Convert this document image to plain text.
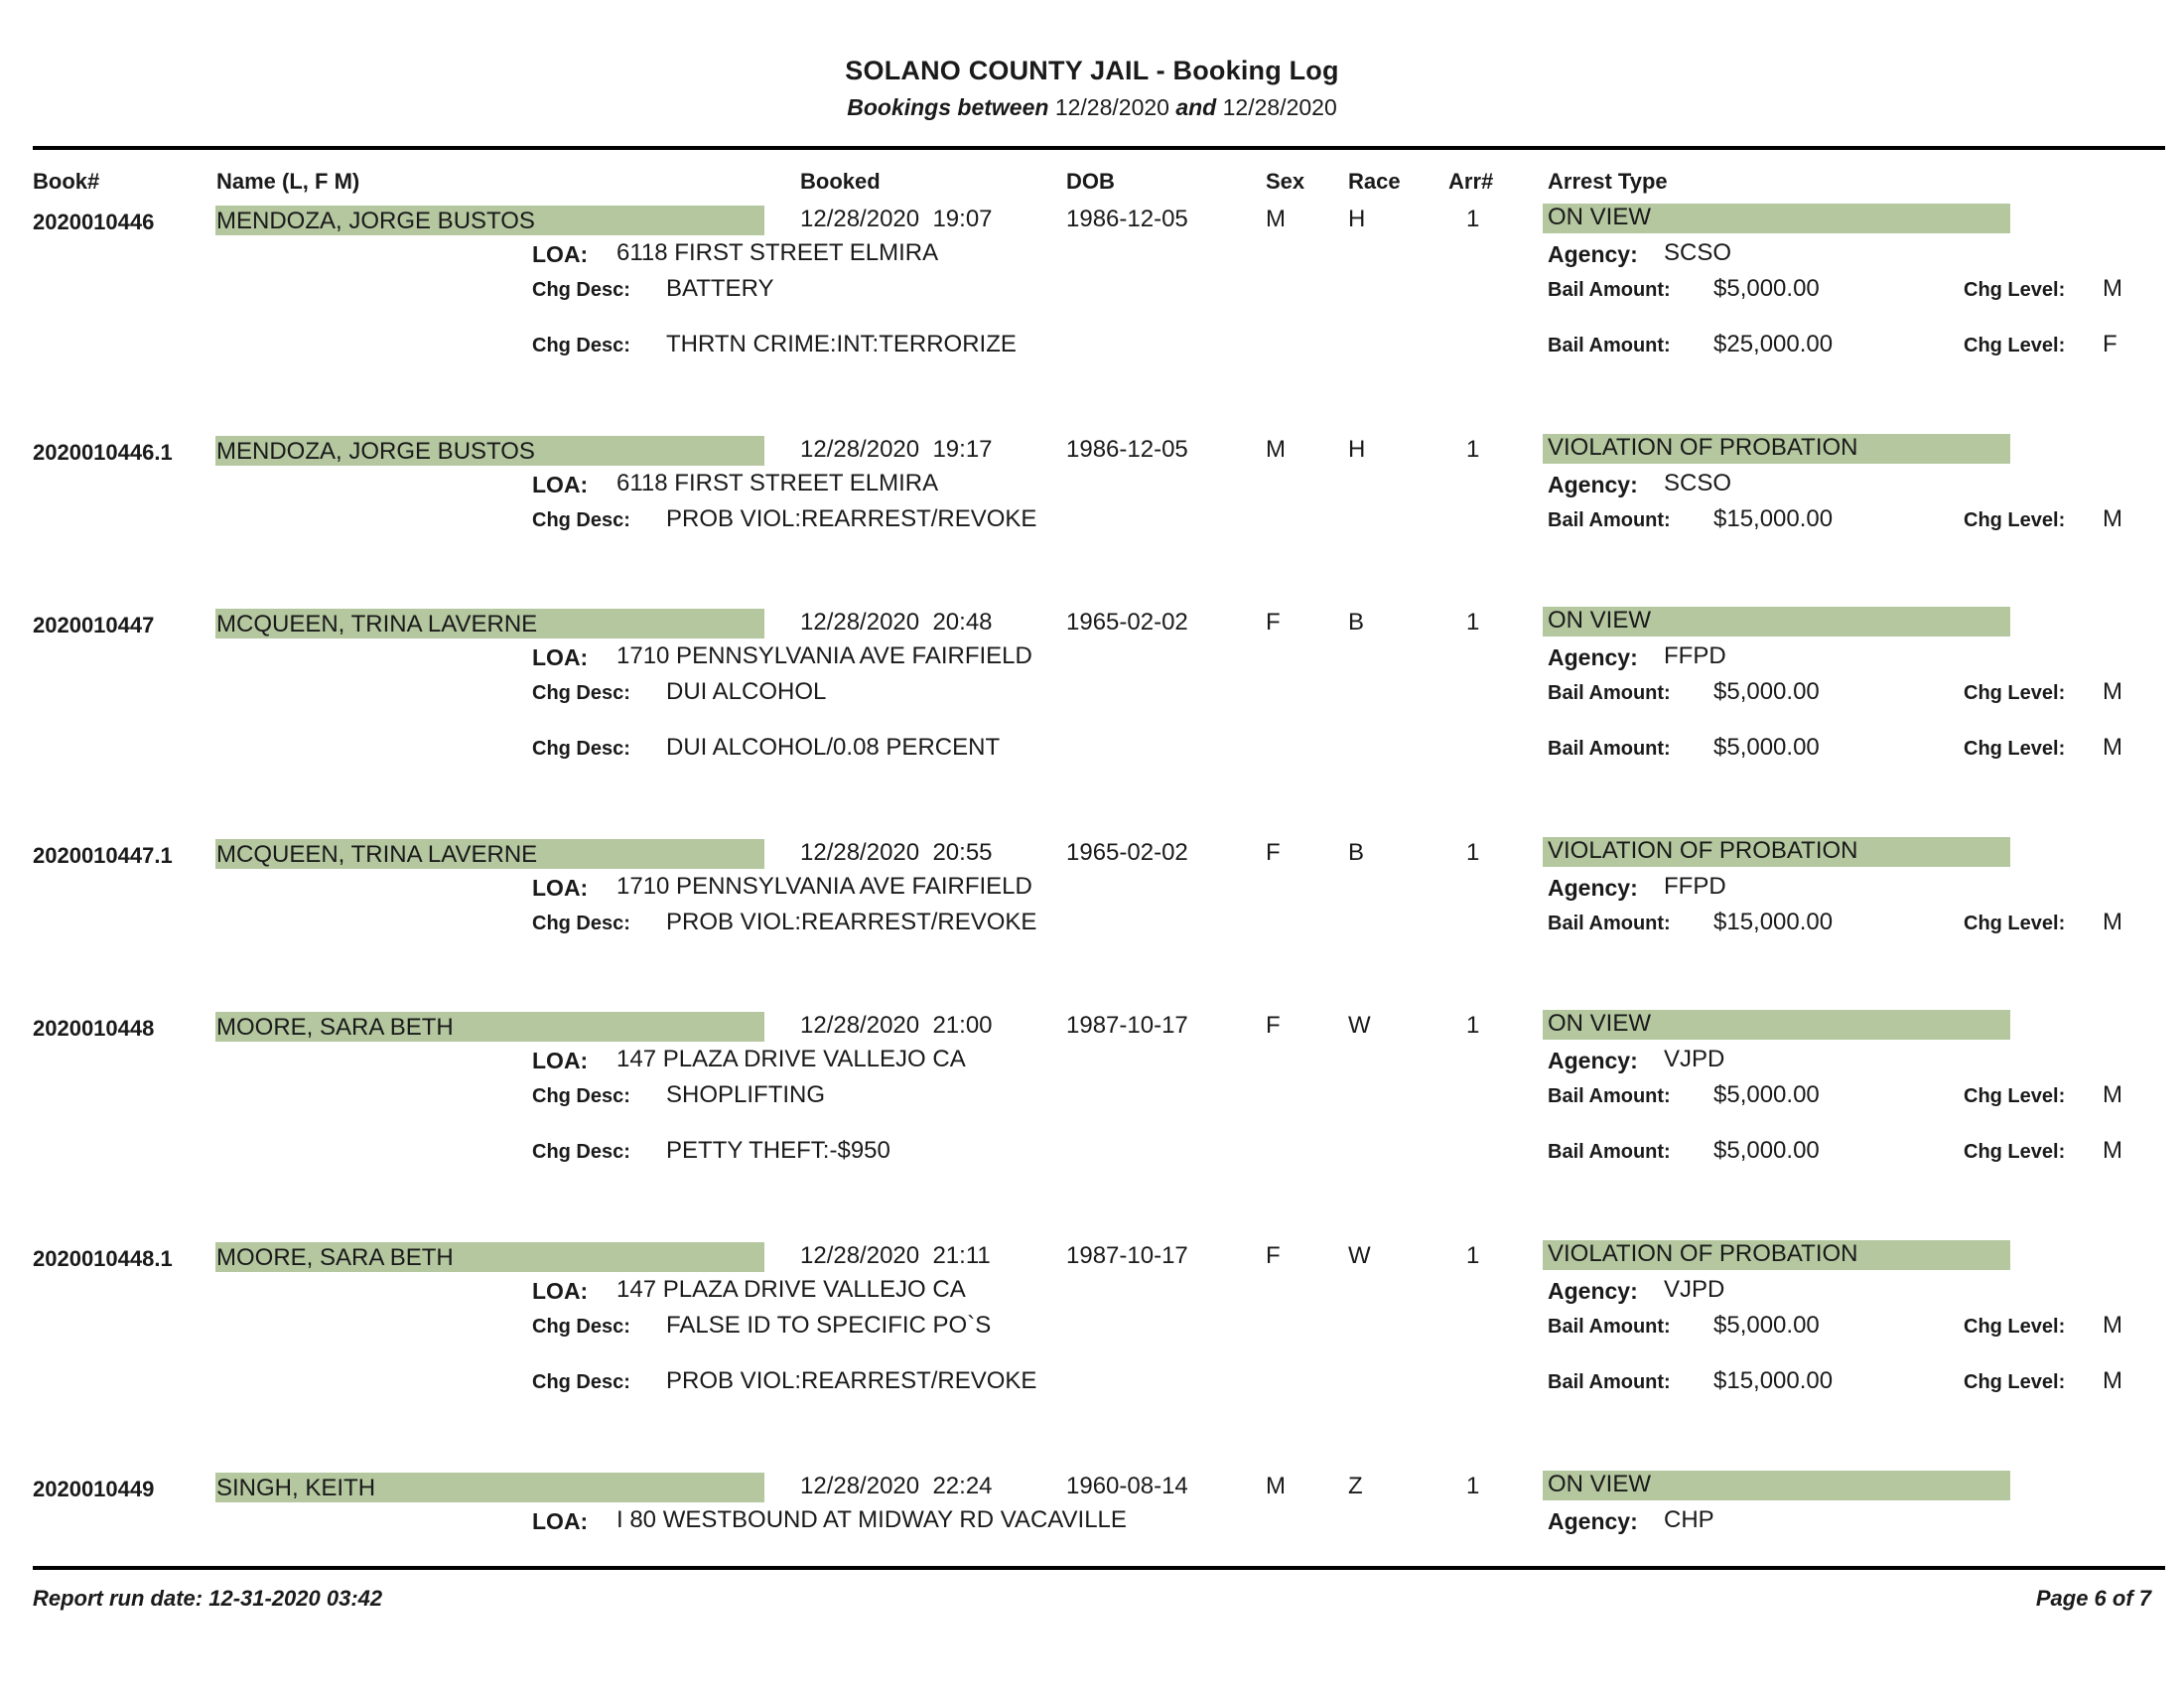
SOLANO COUNTY JAIL - Booking Log
Bookings between 12/28/2020 and 12/28/2020
Book#	Name (L, F M)	Booked	DOB	Sex Race Arr# Arrest Type
2020010446	MENDOZA, JORGE BUSTOS	12/28/2020  19:07	1986-12-05	M	H	1	ON VIEW
LOA: 6118 FIRST STREET ELMIRA	Agency: SCSO
Chg Desc: BATTERY	Bail Amount: $5,000.00	Chg Level: M
Chg Desc: THRTN CRIME:INT:TERRORIZE	Bail Amount: $25,000.00	Chg Level: F
2020010446.1 MENDOZA, JORGE BUSTOS	12/28/2020  19:17	1986-12-05	M	H	1	VIOLATION OF PROBATION
LOA: 6118 FIRST STREET ELMIRA	Agency: SCSO
Chg Desc: PROB VIOL:REARREST/REVOKE	Bail Amount: $15,000.00	Chg Level: M
2020010447	MCQUEEN, TRINA LAVERNE	12/28/2020  20:48	1965-02-02	F	B	1	ON VIEW
LOA: 1710 PENNSYLVANIA AVE FAIRFIELD	Agency: FFPD
Chg Desc: DUI ALCOHOL	Bail Amount: $5,000.00	Chg Level: M
Chg Desc: DUI ALCOHOL/0.08 PERCENT	Bail Amount: $5,000.00	Chg Level: M
2020010447.1 MCQUEEN, TRINA LAVERNE	12/28/2020  20:55	1965-02-02	F	B	1	VIOLATION OF PROBATION
LOA: 1710 PENNSYLVANIA AVE FAIRFIELD	Agency: FFPD
Chg Desc: PROB VIOL:REARREST/REVOKE	Bail Amount: $15,000.00	Chg Level: M
2020010448	MOORE, SARA BETH	12/28/2020  21:00	1987-10-17	F	W	1	ON VIEW
LOA: 147 PLAZA DRIVE VALLEJO CA	Agency: VJPD
Chg Desc: SHOPLIFTING	Bail Amount: $5,000.00	Chg Level: M
Chg Desc: PETTY THEFT:-$950	Bail Amount: $5,000.00	Chg Level: M
2020010448.1 MOORE, SARA BETH	12/28/2020  21:11	1987-10-17	F	W	1	VIOLATION OF PROBATION
LOA: 147 PLAZA DRIVE VALLEJO CA	Agency: VJPD
Chg Desc: FALSE ID TO SPECIFIC PO`S	Bail Amount: $5,000.00	Chg Level: M
Chg Desc: PROB VIOL:REARREST/REVOKE	Bail Amount: $15,000.00	Chg Level: M
2020010449	SINGH, KEITH	12/28/2020  22:24	1960-08-14	M	Z	1	ON VIEW
LOA: I 80 WESTBOUND AT MIDWAY RD VACAVILLE	Agency: CHP
Report run date: 12-31-2020 03:42	Page 6 of 7
